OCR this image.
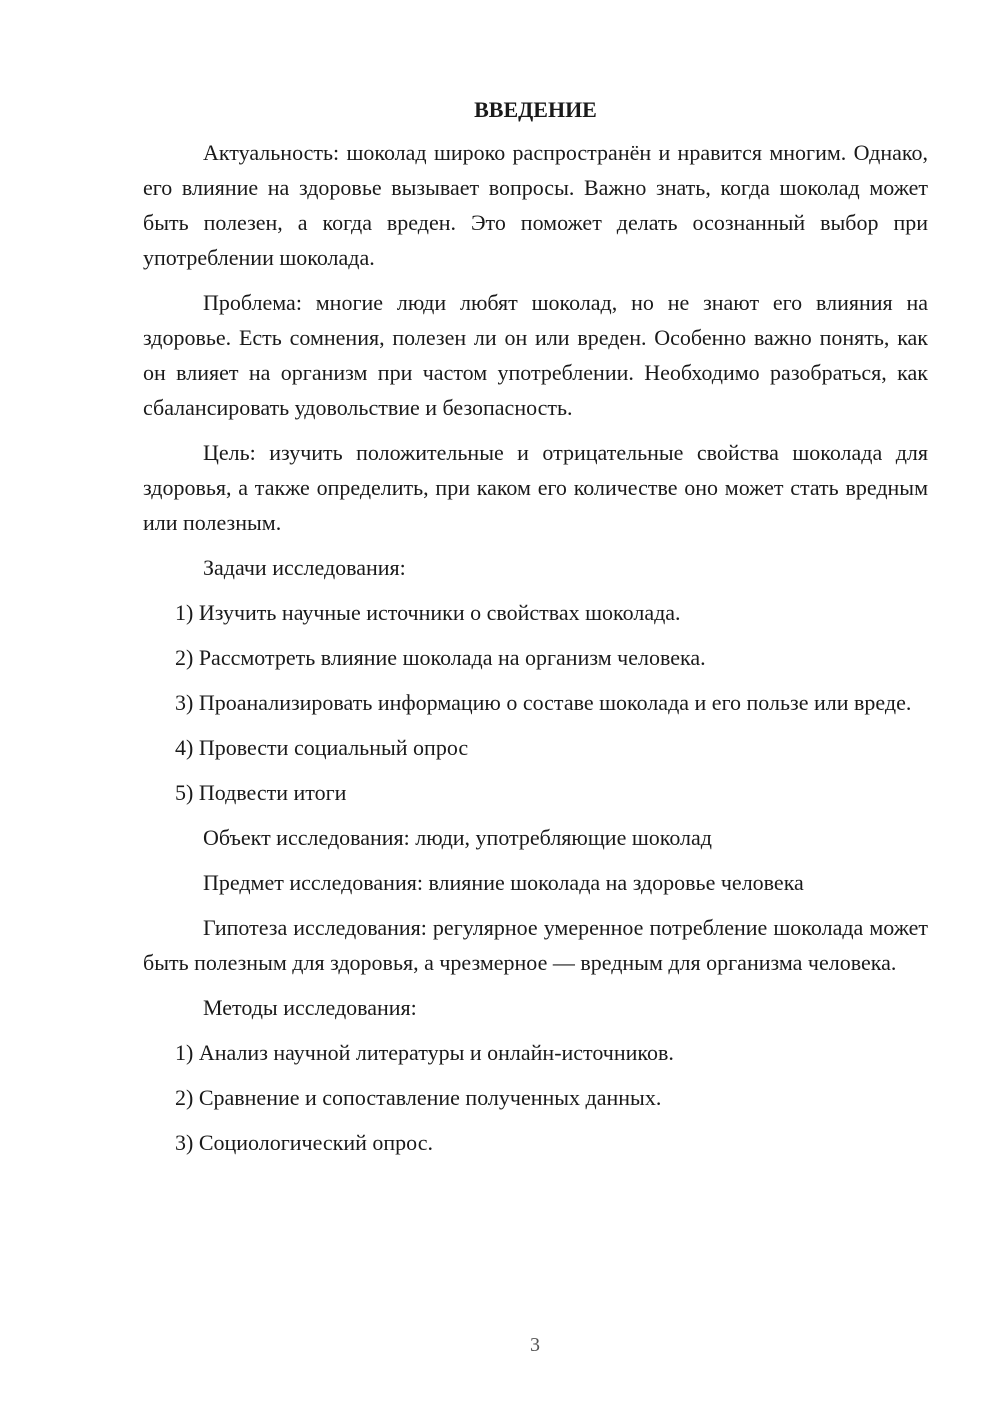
ВВЕДЕНИЕ

Актуальность: шоколад широко распространён и нравится многим. Однако, его влияние на здоровье вызывает вопросы. Важно знать, когда шоколад может быть полезен, а когда вреден. Это поможет делать осознанный выбор при употреблении шоколада.

Проблема: многие люди любят шоколад, но не знают его влияния на здоровье. Есть сомнения, полезен ли он или вреден. Особенно важно понять, как он влияет на организм при частом употреблении. Необходимо разобраться, как сбалансировать удовольствие и безопасность.

Цель: изучить положительные и отрицательные свойства шоколада для здоровья, а также определить, при каком его количестве оно может стать вредным или полезным.

Задачи исследования:

1) Изучить научные источники о свойствах шоколада.

2) Рассмотреть влияние шоколада на организм человека.

3) Проанализировать информацию о составе шоколада и его пользе или вреде.

4) Провести социальный опрос

5) Подвести итоги

Объект исследования: люди, употребляющие шоколад

Предмет исследования: влияние шоколада на здоровье человека

Гипотеза исследования: регулярное умеренное потребление шоколада может быть полезным для здоровья, а чрезмерное — вредным для организма человека.

Методы исследования:

1) Анализ научной литературы и онлайн-источников.

2) Сравнение и сопоставление полученных данных.

3) Социологический опрос.

3
